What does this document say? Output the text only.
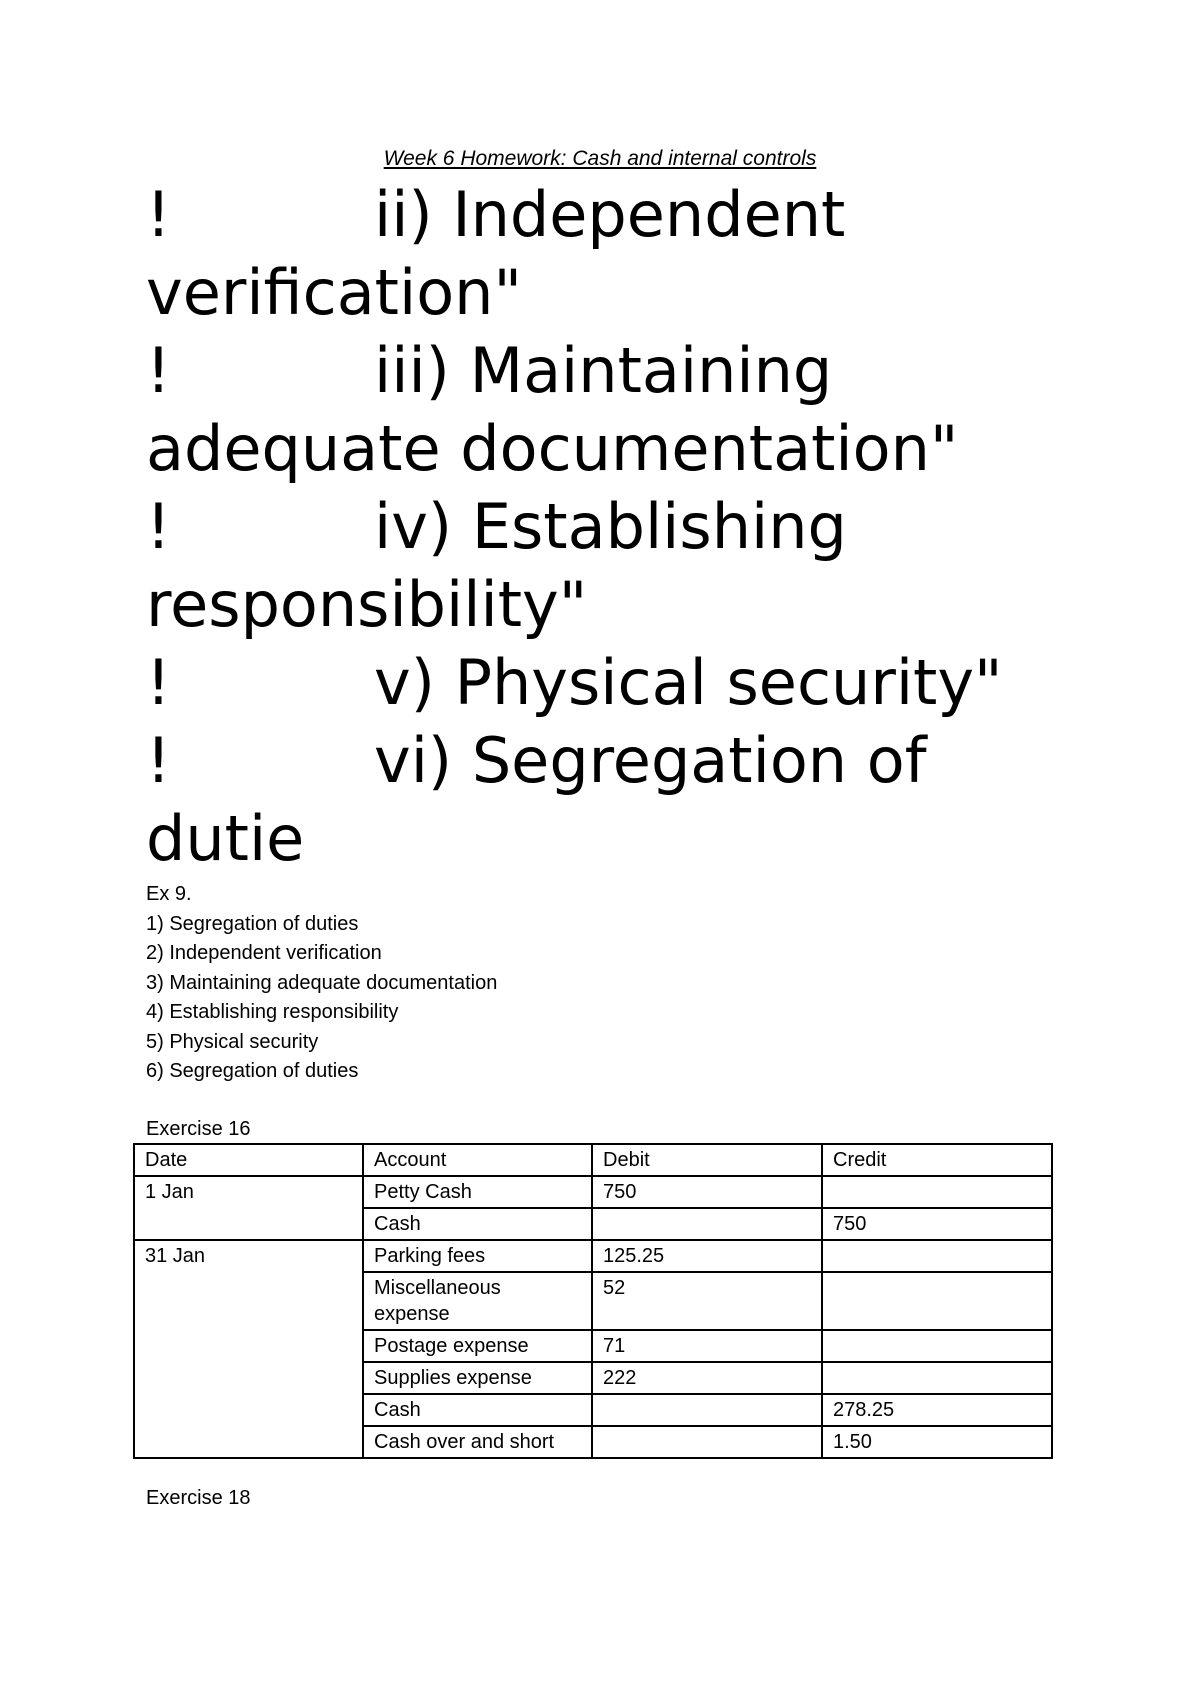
Week 6 Homework: Cash and internal controls
!	ii) Independent
verification"
!	iii) Maintaining
adequate documentation"
!	iv) Establishing
responsibility"
!	v) Physical security"
!	vi) Segregation of
dutie
Ex 9.
1) Segregation of duties
2) Independent verification
3) Maintaining adequate documentation
4) Establishing responsibility
5) Physical security
6) Segregation of duties
Exercise 16
Date	Account	Debit	Credit
1 Jan	Petty Cash	750	
	Cash		750
31 Jan	Parking fees	125.25	
	Miscellaneous expense	52	
	Postage expense	71	
	Supplies expense	222	
	Cash		278.25
	Cash over and short		1.50
Exercise 18
